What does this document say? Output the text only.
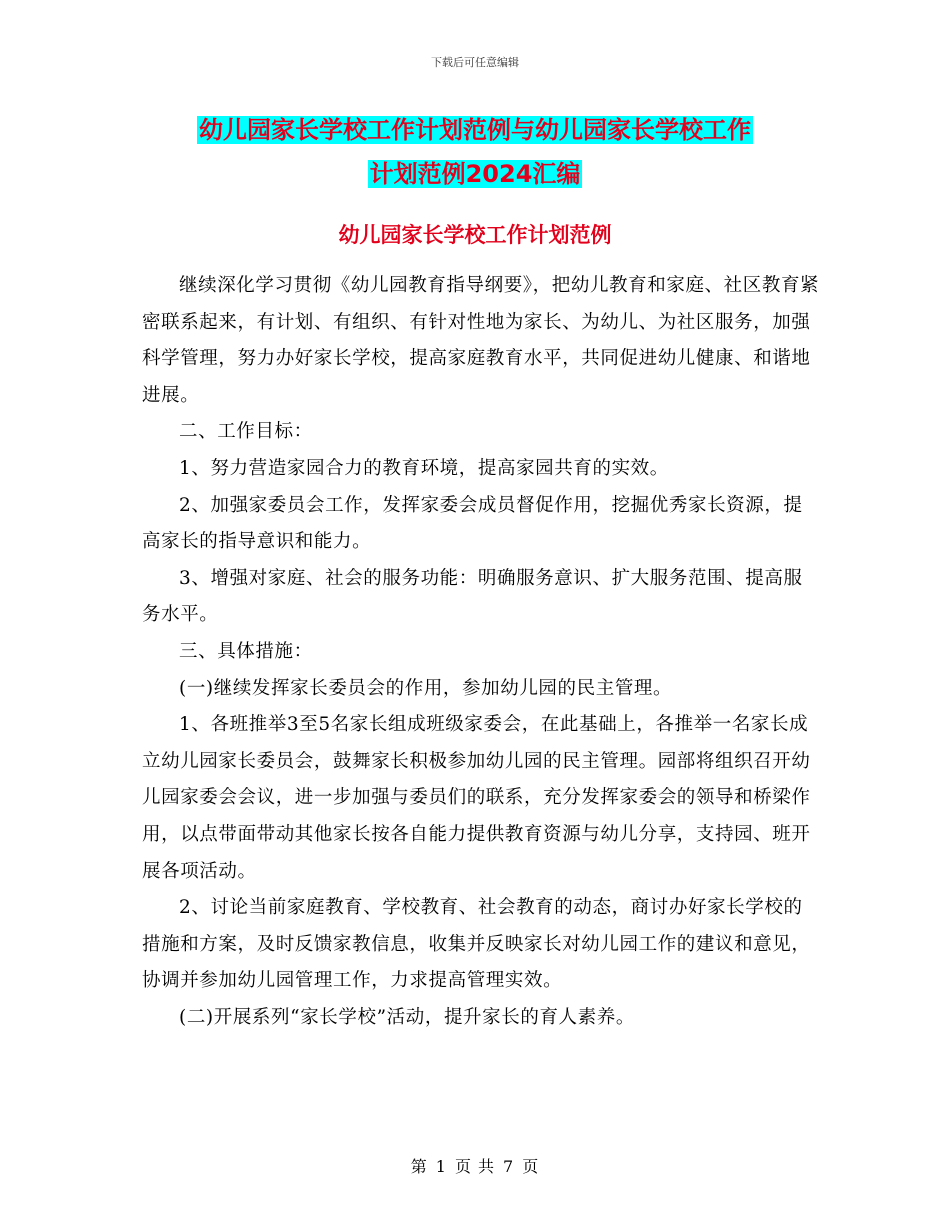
下载后可任意编辑
幼儿园家长学校工作计划范例与幼儿园家长学校工作
计划范例2024汇编
幼儿园家长学校工作计划范例

继续深化学习贯彻《幼儿园教育指导纲要》，把幼儿教育和家庭、社区教育紧密联系起来，有计划、有组织、有针对性地为家长、为幼儿、为社区服务，加强科学管理，努力办好家长学校，提高家庭教育水平，共同促进幼儿健康、和谐地进展。

二、工作目标：

1、努力营造家园合力的教育环境，提高家园共育的实效。

2、加强家委员会工作，发挥家委会成员督促作用，挖掘优秀家长资源，提高家长的指导意识和能力。

3、增强对家庭、社会的服务功能：明确服务意识、扩大服务范围、提高服务水平。

三、具体措施：

(一)继续发挥家长委员会的作用，参加幼儿园的民主管理。

1、各班推举3至5名家长组成班级家委会，在此基础上，各推举一名家长成立幼儿园家长委员会，鼓舞家长积极参加幼儿园的民主管理。园部将组织召开幼儿园家委会会议，进一步加强与委员们的联系，充分发挥家委会的领导和桥梁作用，以点带面带动其他家长按各自能力提供教育资源与幼儿分享，支持园、班开展各项活动。

2、讨论当前家庭教育、学校教育、社会教育的动态，商讨办好家长学校的措施和方案，及时反馈家教信息，收集并反映家长对幼儿园工作的建议和意见，协调并参加幼儿园管理工作，力求提高管理实效。

(二)开展系列“家长学校”活动，提升家长的育人素养。

第 1 页 共 7 页
